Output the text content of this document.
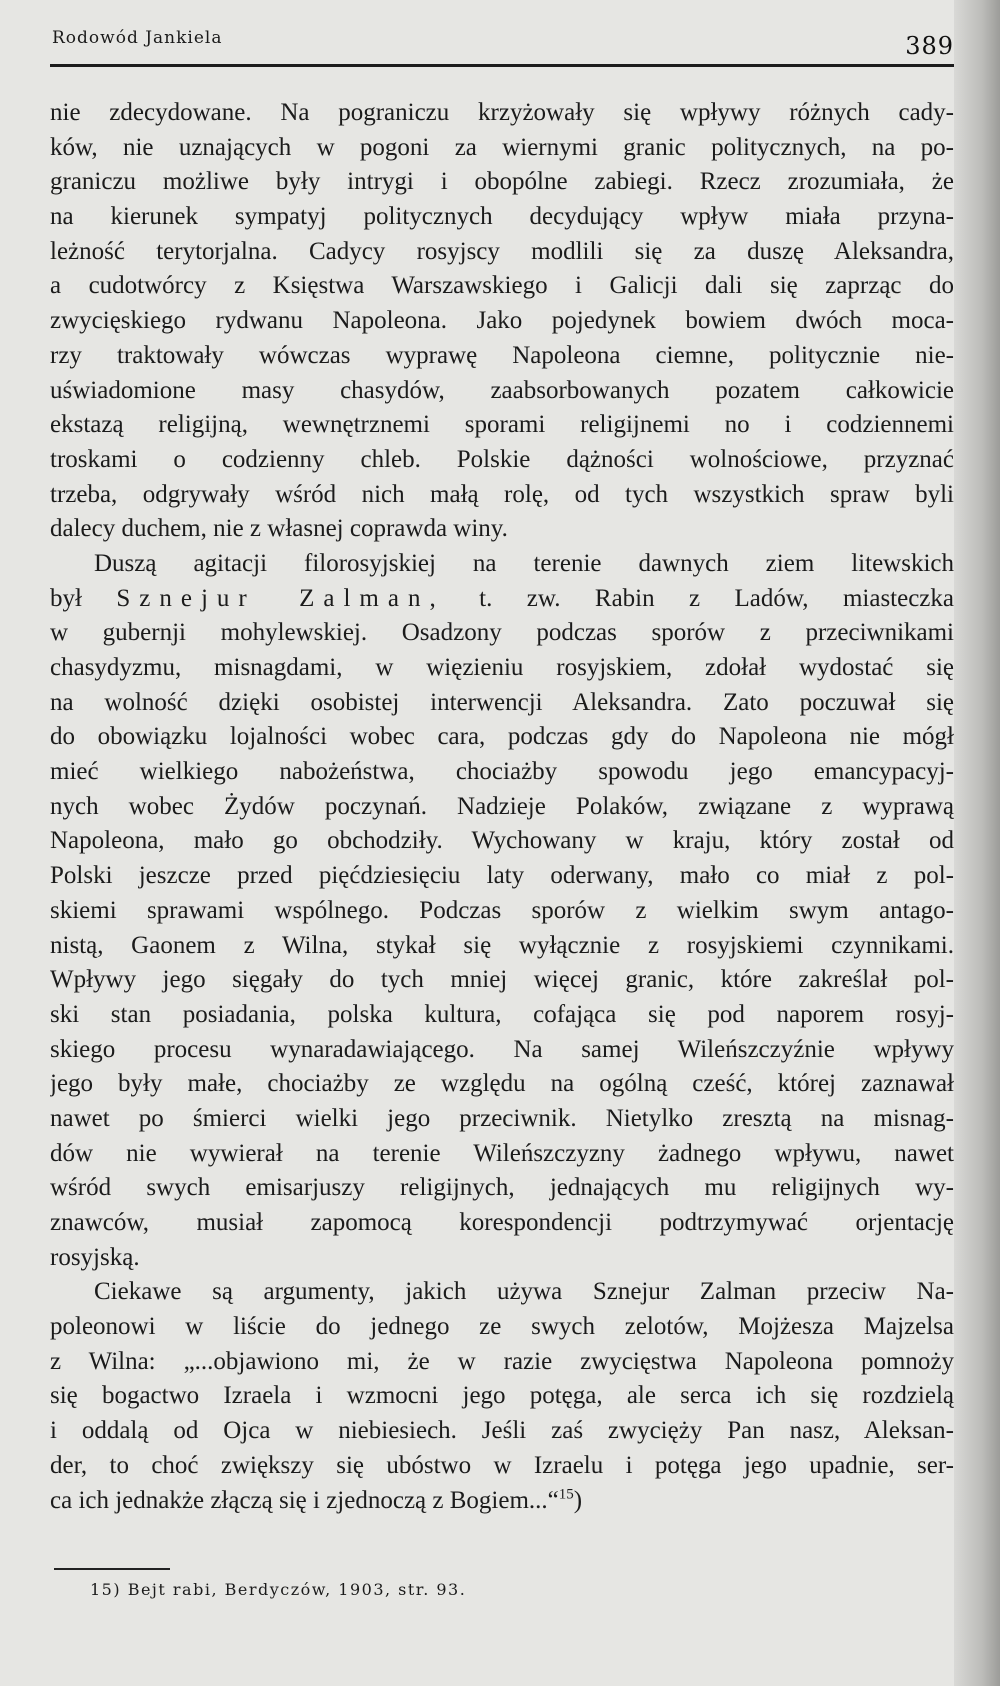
Rodowód Jankiela	389
nie zdecydowane. Na pograniczu krzyżowały się wpływy różnych cady-
ków, nie uznających w pogoni za wiernymi granic politycznych, na po-
graniczu możliwe były intrygi i obopólne zabiegi. Rzecz zrozumiała, że
na kierunek sympatyj politycznych decydujący wpływ miała przyna-
leżność terytorjalna. Cadycy rosyjscy modlili się za duszę Aleksandra,
a cudotwórcy z Księstwa Warszawskiego i Galicji dali się zaprząc do
zwycięskiego rydwanu Napoleona. Jako pojedynek bowiem dwóch moca-
rzy traktowały wówczas wyprawę Napoleona ciemne, politycznie nie-
uświadomione masy chasydów, zaabsorbowanych pozatem całkowicie
ekstazą religijną, wewnętrznemi sporami religijnemi no i codziennemi
troskami o codzienny chleb. Polskie dążności wolnościowe, przyznać
trzeba, odgrywały wśród nich małą rolę, od tych wszystkich spraw byli
dalecy duchem, nie z własnej coprawda winy.
Duszą agitacji filorosyjskiej na terenie dawnych ziem litewskich
był Sznejur Zalman, t. zw. Rabin z Ladów, miasteczka
w gubernji mohylewskiej. Osadzony podczas sporów z przeciwnikami
chasydyzmu, misnagdami, w więzieniu rosyjskiem, zdołał wydostać się
na wolność dzięki osobistej interwencji Aleksandra. Zato poczuwał się
do obowiązku lojalności wobec cara, podczas gdy do Napoleona nie mógł
mieć wielkiego nabożeństwa, chociażby spowodu jego emancypacyj-
nych wobec Żydów poczynań. Nadzieje Polaków, związane z wyprawą
Napoleona, mało go obchodziły. Wychowany w kraju, który został od
Polski jeszcze przed pięćdziesięciu laty oderwany, mało co miał z pol-
skiemi sprawami wspólnego. Podczas sporów z wielkim swym antago-
nistą, Gaonem z Wilna, stykał się wyłącznie z rosyjskiemi czynnikami.
Wpływy jego sięgały do tych mniej więcej granic, które zakreślał pol-
ski stan posiadania, polska kultura, cofająca się pod naporem rosyj-
skiego procesu wynaradawiającego. Na samej Wileńszczyźnie wpływy
jego były małe, chociażby ze względu na ogólną cześć, której zaznawał
nawet po śmierci wielki jego przeciwnik. Nietylko zresztą na misnag-
dów nie wywierał na terenie Wileńszczyzny żadnego wpływu, nawet
wśród swych emisarjuszy religijnych, jednających mu religijnych wy-
znawców, musiał zapomocą korespondencji podtrzymywać orjentację
rosyjską.
Ciekawe są argumenty, jakich używa Sznejur Zalman przeciw Na-
poleonowi w liście do jednego ze swych zelotów, Mojżesza Majzelsa
z Wilna: „...objawiono mi, że w razie zwycięstwa Napoleona pomnoży
się bogactwo Izraela i wzmocni jego potęga, ale serca ich się rozdzielą
i oddalą od Ojca w niebiesiech. Jeśli zaś zwycięży Pan nasz, Aleksan-
der, to choć zwiększy się ubóstwo w Izraelu i potęga jego upadnie, ser-
ca ich jednakże złączą się i zjednoczą z Bogiem...“$^{15}$)
15) Bejt rabi, Berdyczów, 1903, str. 93.
